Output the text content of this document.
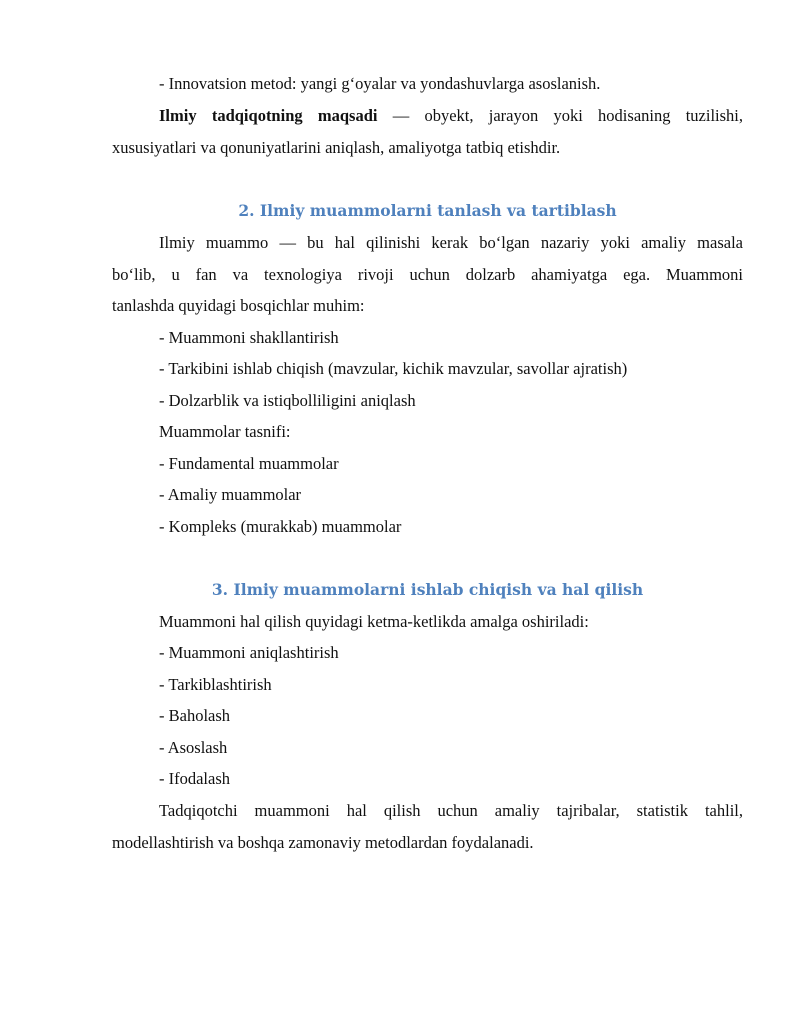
- Innovatsion metod: yangi g‘oyalar va yondashuvlarga asoslanish.
Ilmiy tadqiqotning maqsadi — obyekt, jarayon yoki hodisaning tuzilishi,
xususiyatlari va qonuniyatlarini aniqlash, amaliyotga tatbiq etishdir.
2. Ilmiy muammolarni tanlash va tartiblash
Ilmiy muammo — bu hal qilinishi kerak bo‘lgan nazariy yoki amaliy masala
bo‘lib, u fan va texnologiya rivoji uchun dolzarb ahamiyatga ega. Muammoni
tanlashda quyidagi bosqichlar muhim:
- Muammoni shakllantirish
- Tarkibini ishlab chiqish (mavzular, kichik mavzular, savollar ajratish)
- Dolzarblik va istiqbolliligini aniqlash
Muammolar tasnifi:
- Fundamental muammolar
- Amaliy muammolar
- Kompleks (murakkab) muammolar
3. Ilmiy muammolarni ishlab chiqish va hal qilish
Muammoni hal qilish quyidagi ketma-ketlikda amalga oshiriladi:
- Muammoni aniqlashtirish
- Tarkiblashtirish
- Baholash
- Asoslash
- Ifodalash
Tadqiqotchi muammoni hal qilish uchun amaliy tajribalar, statistik tahlil,
modellashtirish va boshqa zamonaviy metodlardan foydalanadi.
